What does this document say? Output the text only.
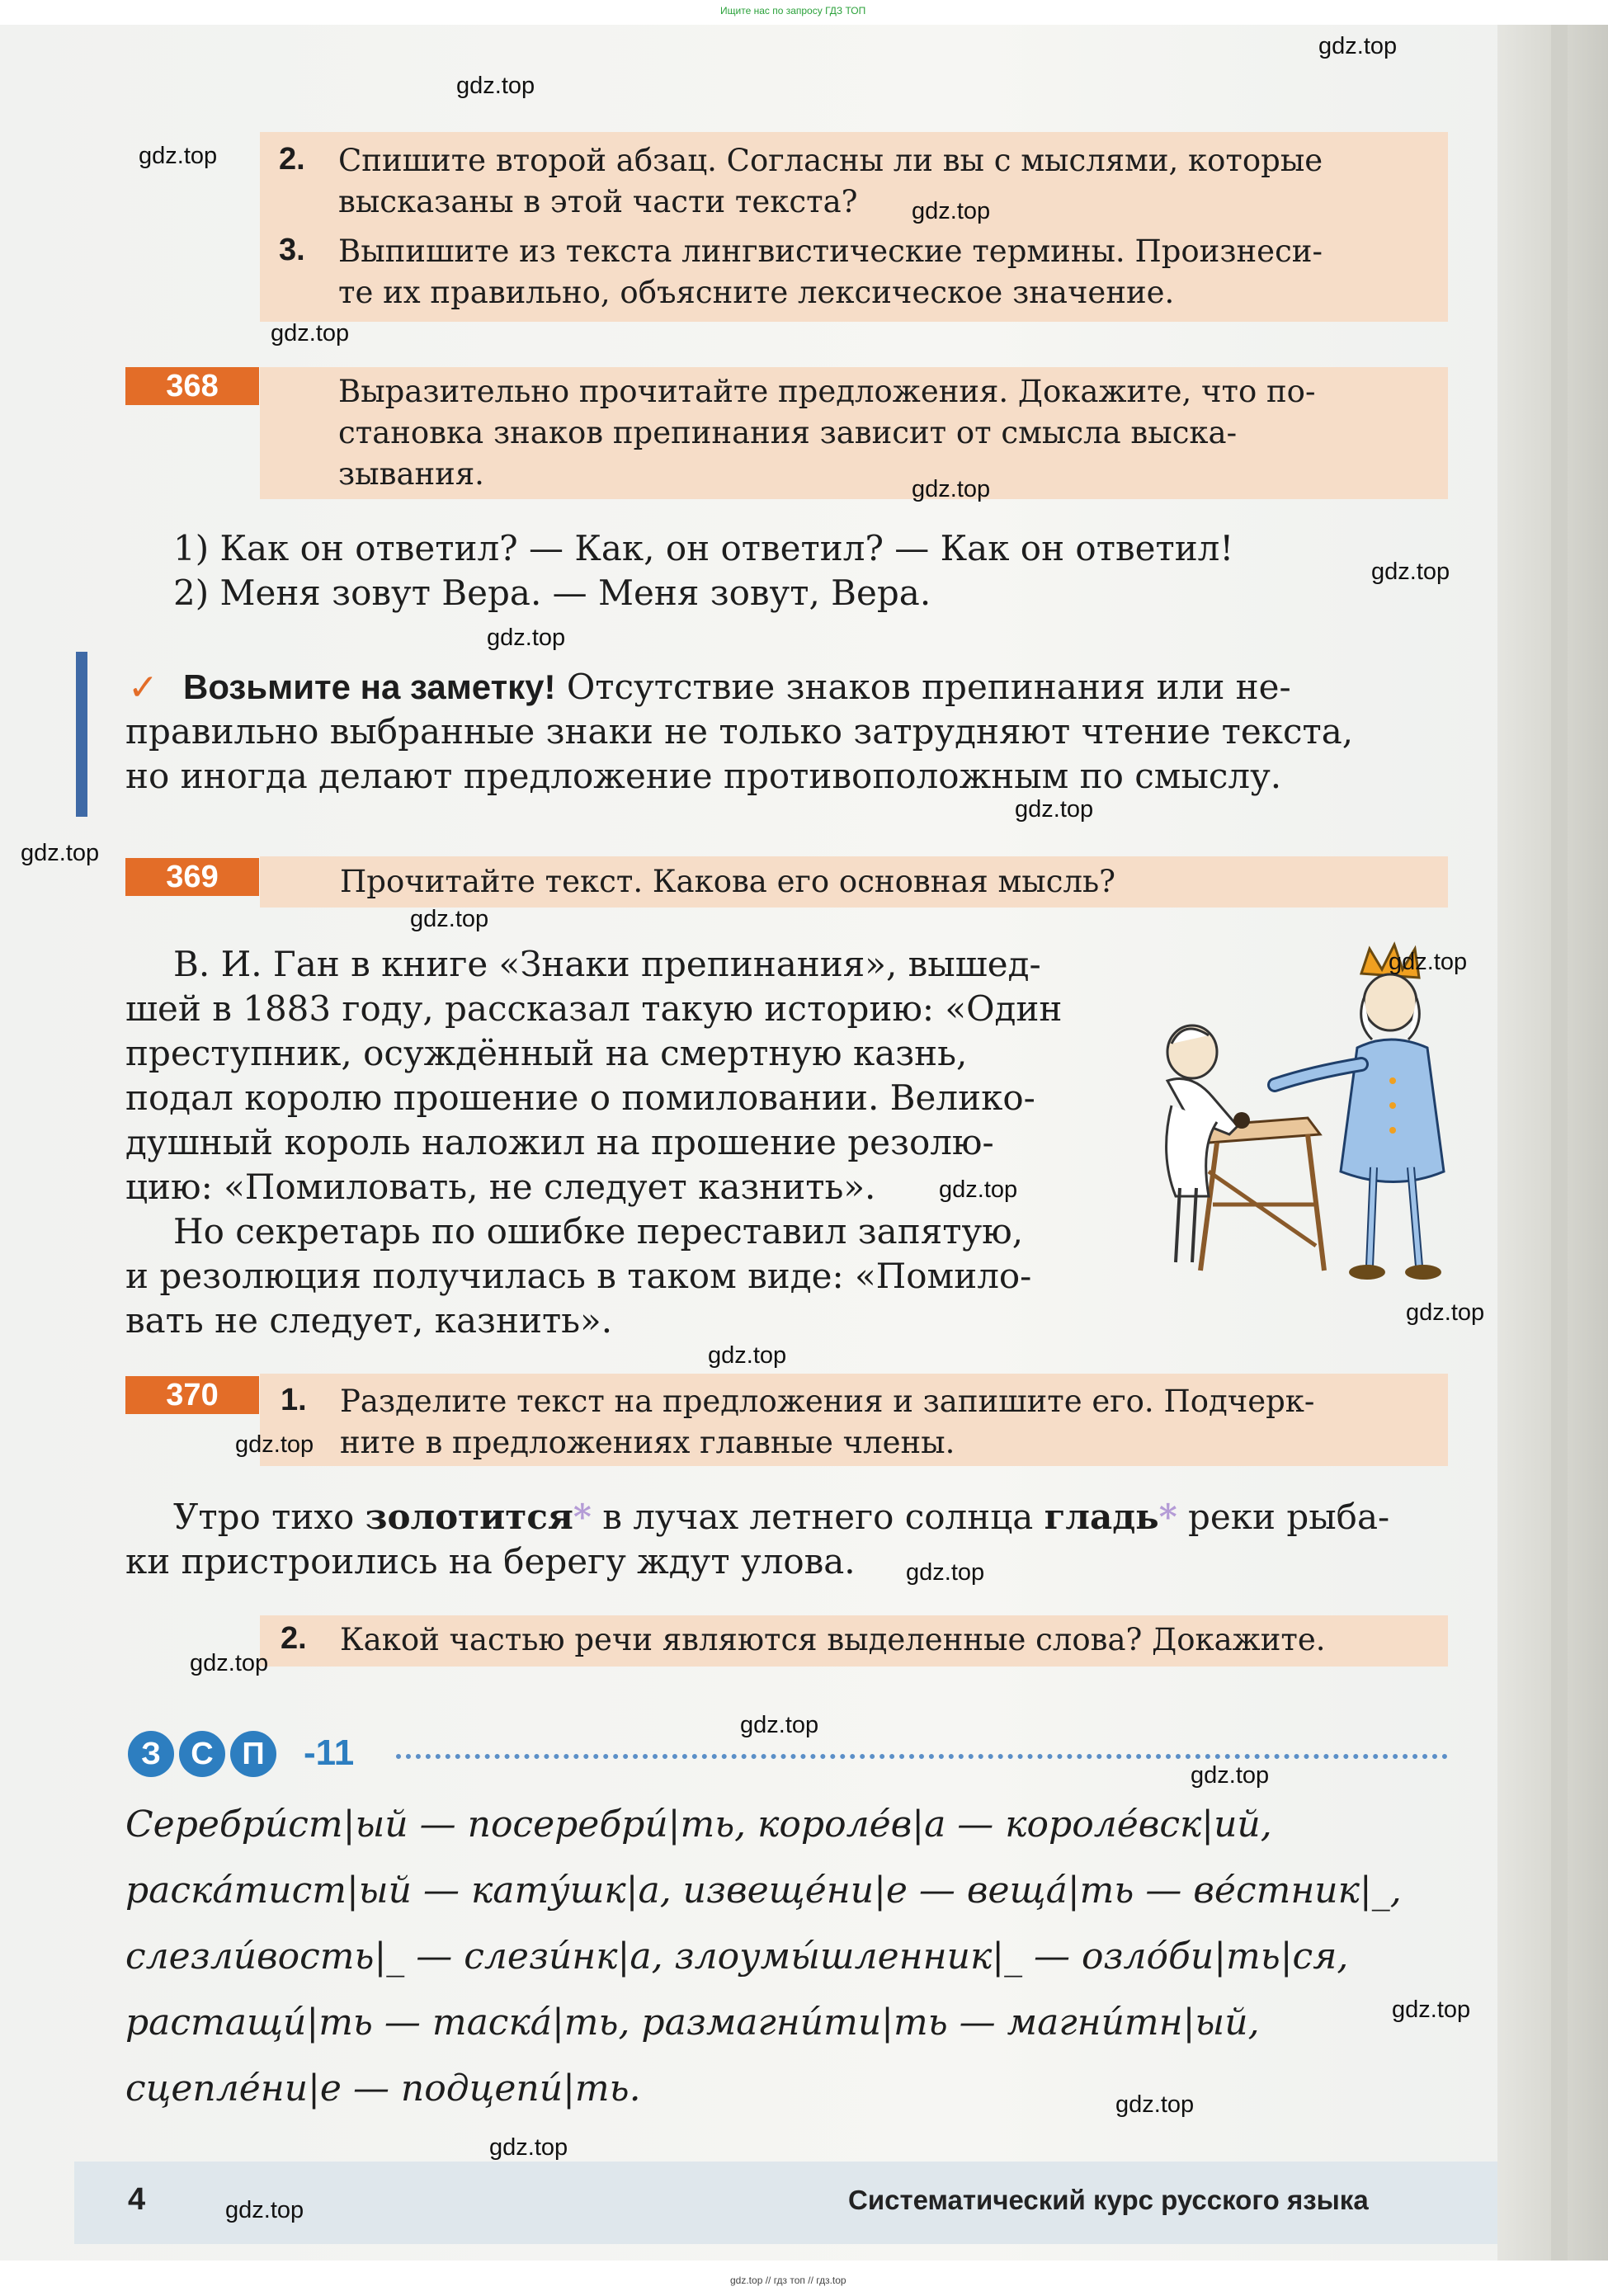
Ищите нас по запросу ГДЗ ТОП
gdz.top // гдз топ // гдз.top
2. Спишите второй абзац. Согласны ли вы с мыслями, которые
высказаны в этой части текста?
3. Выпишите из текста лингвистические термины. Произнеси-
те их правильно, объясните лексическое значение.
368	Выразительно прочитайте предложения. Докажите, что по-
становка знаков препинания зависит от смысла выска-
зывания.
1) Как он ответил? — Как, он ответил? — Как он ответил!
2) Меня зовут Вера. — Меня зовут, Вера.
✓ Возьмите на заметку! Отсутствие знаков препинания или не-
правильно выбранные знаки не только затрудняют чтение текста,
но иногда делают предложение противоположным по смыслу.
369	Прочитайте текст. Какова его основная мысль?
В. И. Ган в книге «Знаки препинания», вышед-
шей в 1883 году, рассказал такую историю: «Один
преступник, осуждённый на смертную казнь,
подал королю прошение о помиловании. Велико-
душный король наложил на прошение резолю-
цию: «Помиловать, не следует казнить».
Но секретарь по ошибке переставил запятую,
и резолюция получилась в таком виде: «Помило-
вать не следует, казнить».
370	1. Разделите текст на предложения и запишите его. Подчерк-
ните в предложениях главные члены.
Утро тихо золотится* в лучах летнего солнца гладь* реки рыба-
ки пристроились на берегу ждут улова.
2. Какой частью речи являются выделенные слова? Докажите.
З С П	-11
Серебри́ст|ый — посеребри́|ть, короле́в|а — короле́вск|ий,
раска́тист|ый — кату́шк|а, извеще́ни|е — веща́|ть — ве́стник|_,
слезли́вость|_ — слези́нк|а, злоумы́шленник|_ — озло́би|ть|ся,
растащи́|ть — таска́|ть, размагни́ти|ть — магни́тн|ый,
сцепле́ни|е — подцепи́|ть.
4	Систематический курс русского языка
gdz.top
gdz.top
gdz.top
gdz.top
gdz.top
gdz.top
gdz.top
gdz.top
gdz.top
gdz.top
gdz.top
gdz.top
gdz.top
gdz.top
gdz.top
gdz.top
gdz.top
gdz.top
gdz.top
gdz.top
gdz.top
gdz.top
gdz.top
gdz.top
